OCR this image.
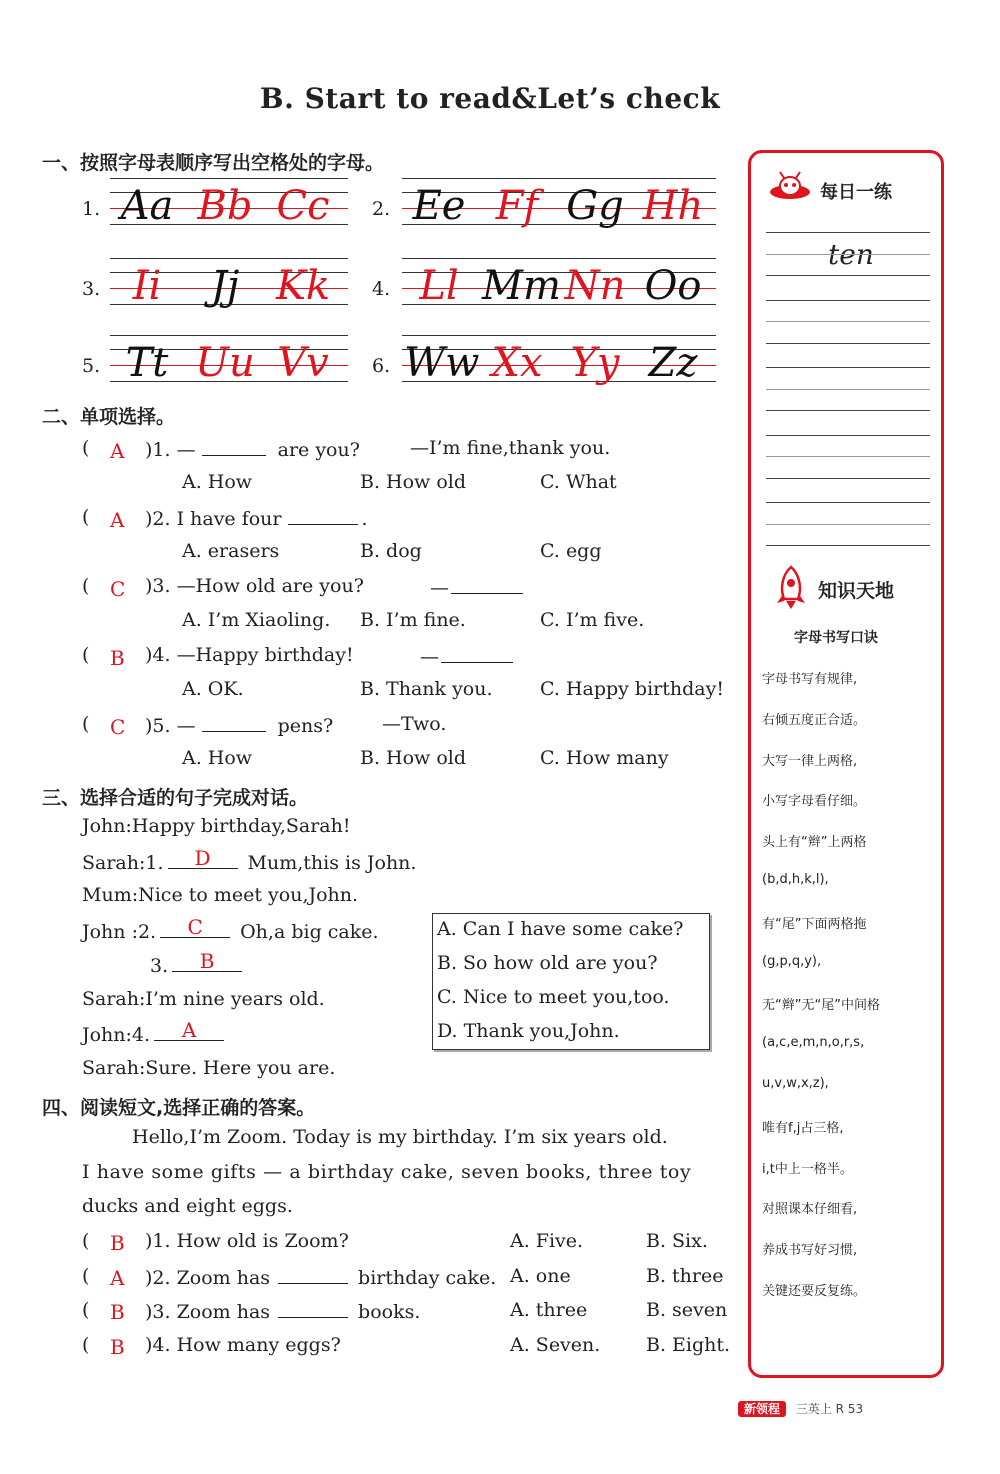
B. Start to read&Let’s check
一、按照字母表顺序写出空格处的字母。
1. Aa Bb Cc	2. Ee Ff Gg Hh
3. Ii	Jj Kk	4. Ll Mm Nn Oo
5. Tt Uu Vv	6. Ww Xx Yy Zz
二、单项选择。
( A )1. —	are you?	—I’m fine,thank you.
A. How	B. How old	C. What
( A )2. I have four	.
A. erasers	B. dog	C. egg
( C )3. —How old are you?	—
A. I’m Xiaoling. B. I’m fine.	C. I’m five.
( B )4. —Happy birthday!	—
A. OK.	B. Thank you. C. Happy birthday!
( C )5. —	pens?	—Two.
A. How	B. How old	C. How many
三、选择合适的句子完成对话。
John:Happy birthday,Sarah!
Sarah:1. D Mum,this is John.
Mum:Nice to meet you,John.
John :2. C Oh,a big cake.
3. B
Sarah:I’m nine years old.
John:4. A
Sarah:Sure. Here you are.
A. Can I have some cake?
B. So how old are you?
C. Nice to meet you,too.
D. Thank you,John.
四、阅读短文,选择正确的答案。
Hello,I’m Zoom. Today is my birthday. I’m six years old.
I have some gifts — a birthday cake, seven books, three toy
ducks and eight eggs.
( B )1. How old is Zoom?	A. Five.	B. Six.
( A )2. Zoom has	birthday cake. A. one	B. three
( B )3. Zoom has	books.	A. three	B. seven
( B )4. How many eggs?	A. Seven. B. Eight.
每日一练
ten
知识天地
字母书写口诀
字母书写有规律,
右倾五度正合适。
大写一律上两格,
小写字母看仔细。
头上有“辫”上两格
(b,d,h,k,l),
有“尾”下面两格拖
(g,p,q,y),
无“辫”无“尾”中间格
(a,c,e,m,n,o,r,s,
u,v,w,x,z),
唯有f,j占三格,
i,t中上一格半。
对照课本仔细看,
养成书写好习惯,
关键还要反复练。
新领程 三英上 R 53
